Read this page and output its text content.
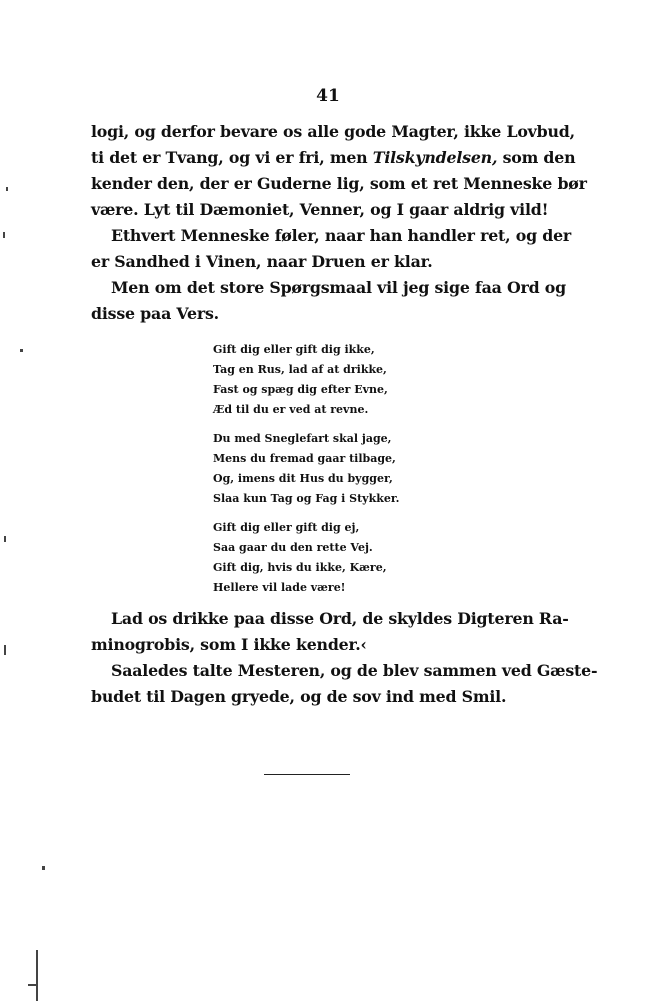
41
logi, og derfor bevare os alle gode Magter, ikke Lovbud,
ti det er Tvang, og vi er fri, men Tilskyndelsen, som den
kender den, der er Guderne lig, som et ret Menneske bør
være. Lyt til Dæmoniet, Venner, og I gaar aldrig vild!
Ethvert Menneske føler, naar han handler ret, og der
er Sandhed i Vinen, naar Druen er klar.
Men om det store Spørgsmaal vil jeg sige faa Ord og
disse paa Vers.
Gift dig eller gift dig ikke,
Tag en Rus, lad af at drikke,
Fast og spæg dig efter Evne,
Æd til du er ved at revne.
Du med Sneglefart skal jage,
Mens du fremad gaar tilbage,
Og, imens dit Hus du bygger,
Slaa kun Tag og Fag i Stykker.
Gift dig eller gift dig ej,
Saa gaar du den rette Vej.
Gift dig, hvis du ikke, Kære,
Hellere vil lade være!
Lad os drikke paa disse Ord, de skyldes Digteren Ra-
minogrobis, som I ikke kender.‹
Saaledes talte Mesteren, og de blev sammen ved Gæste-
budet til Dagen gryede, og de sov ind med Smil.
